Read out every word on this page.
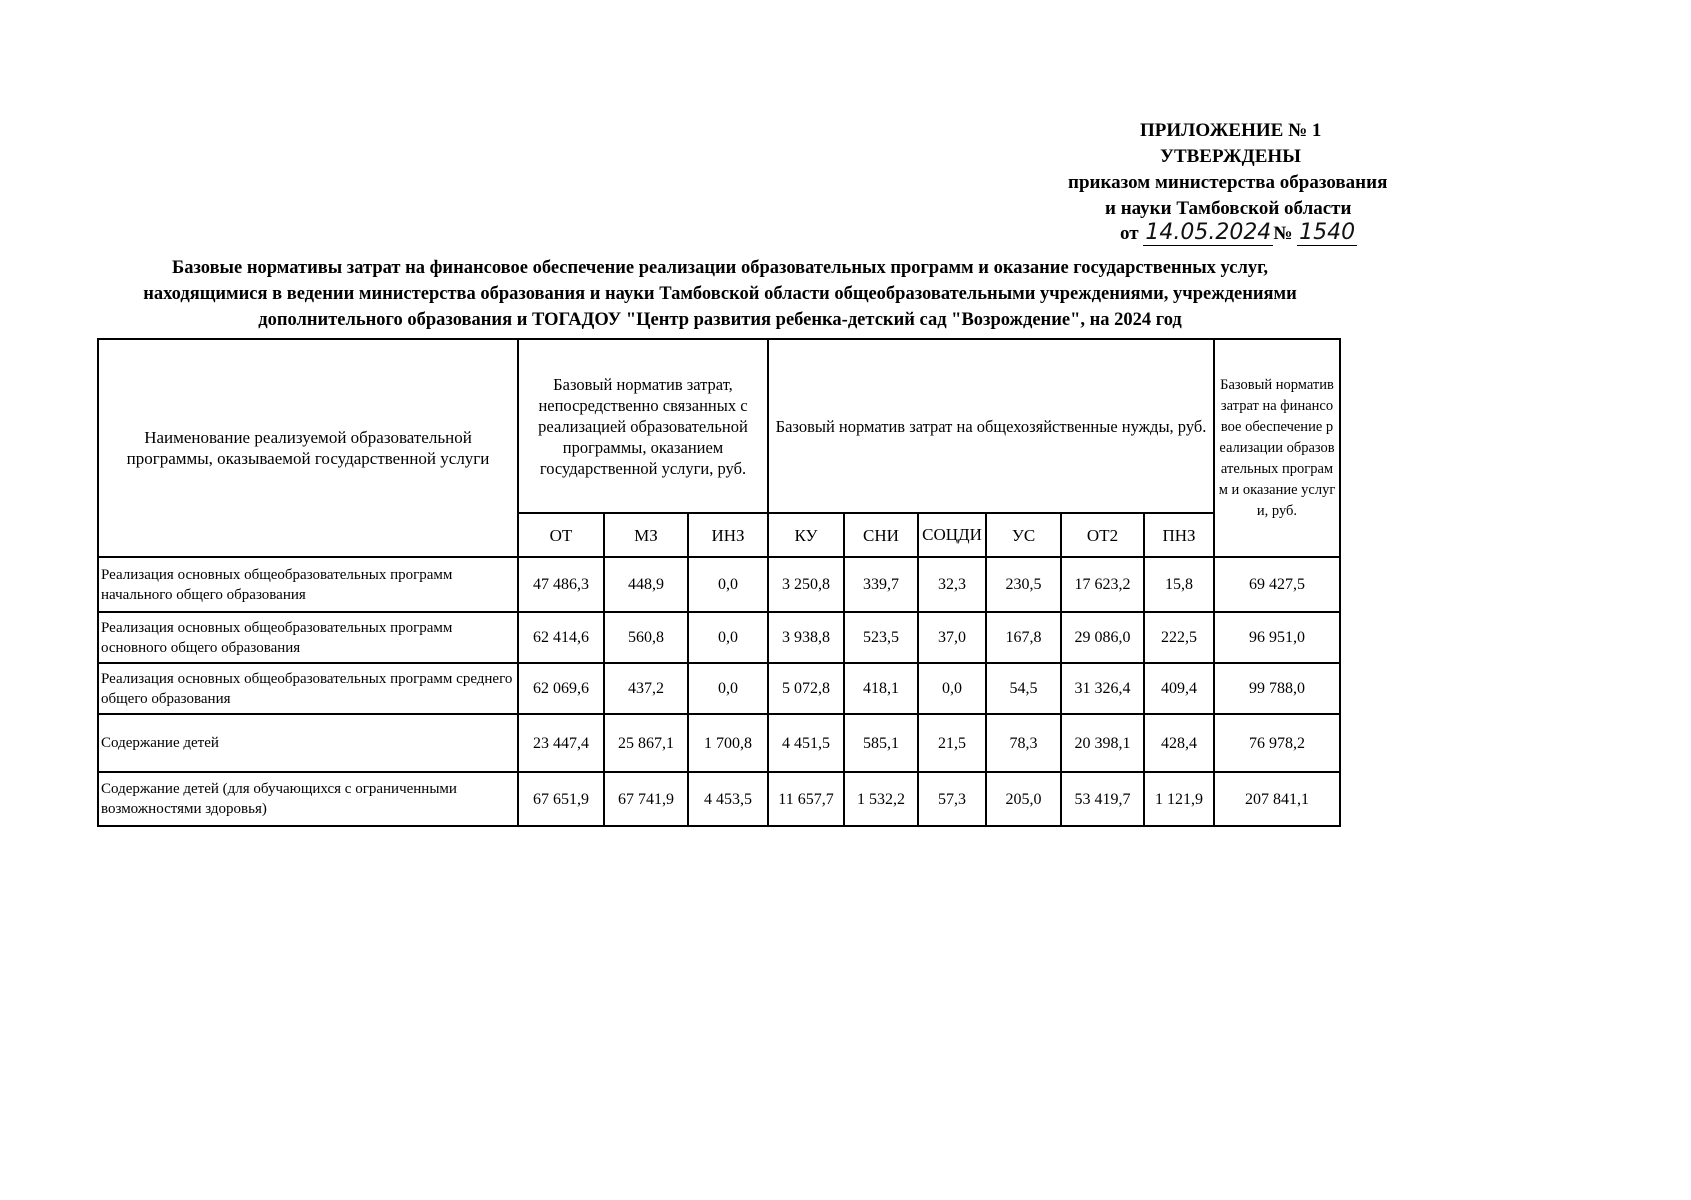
ПРИЛОЖЕНИЕ № 1
УТВЕРЖДЕНЫ
приказом министерства образования
и науки Тамбовской области
от 14.05.2024 № 1540
Базовые нормативы затрат на финансовое обеспечение реализации образовательных программ и оказание государственных услуг,
находящимися в ведении министерства образования и науки Тамбовской области общеобразовательными учреждениями, учреждениями
дополнительного образования и ТОГАДОУ "Центр развития ребенка-детский сад "Возрождение", на 2024 год
Наименование реализуемой образовательной программы, оказываемой государственной услуги	Базовый норматив затрат, непосредственно связанных с реализацией образовательной программы, оказанием государственной услуги, руб.			Базовый норматив затрат на общехозяйственные нужды, руб.						Базовый норматив затрат на финансовое обеспечение реализации образовательных программ и оказание услуги, руб.
	ОТ	МЗ	ИНЗ	КУ	СНИ	СОЦДИ	УС	ОТ2	ПНЗ	
Реализация основных общеобразовательных программ начального общего образования	47 486,3	448,9	0,0	3 250,8	339,7	32,3	230,5	17 623,2	15,8	69 427,5
Реализация основных общеобразовательных программ основного общего образования	62 414,6	560,8	0,0	3 938,8	523,5	37,0	167,8	29 086,0	222,5	96 951,0
Реализация основных общеобразовательных программ среднего общего образования	62 069,6	437,2	0,0	5 072,8	418,1	0,0	54,5	31 326,4	409,4	99 788,0
Содержание детей	23 447,4	25 867,1	1 700,8	4 451,5	585,1	21,5	78,3	20 398,1	428,4	76 978,2
Содержание детей (для обучающихся с ограниченными возможностями здоровья)	67 651,9	67 741,9	4 453,5	11 657,7	1 532,2	57,3	205,0	53 419,7	1 121,9	207 841,1
